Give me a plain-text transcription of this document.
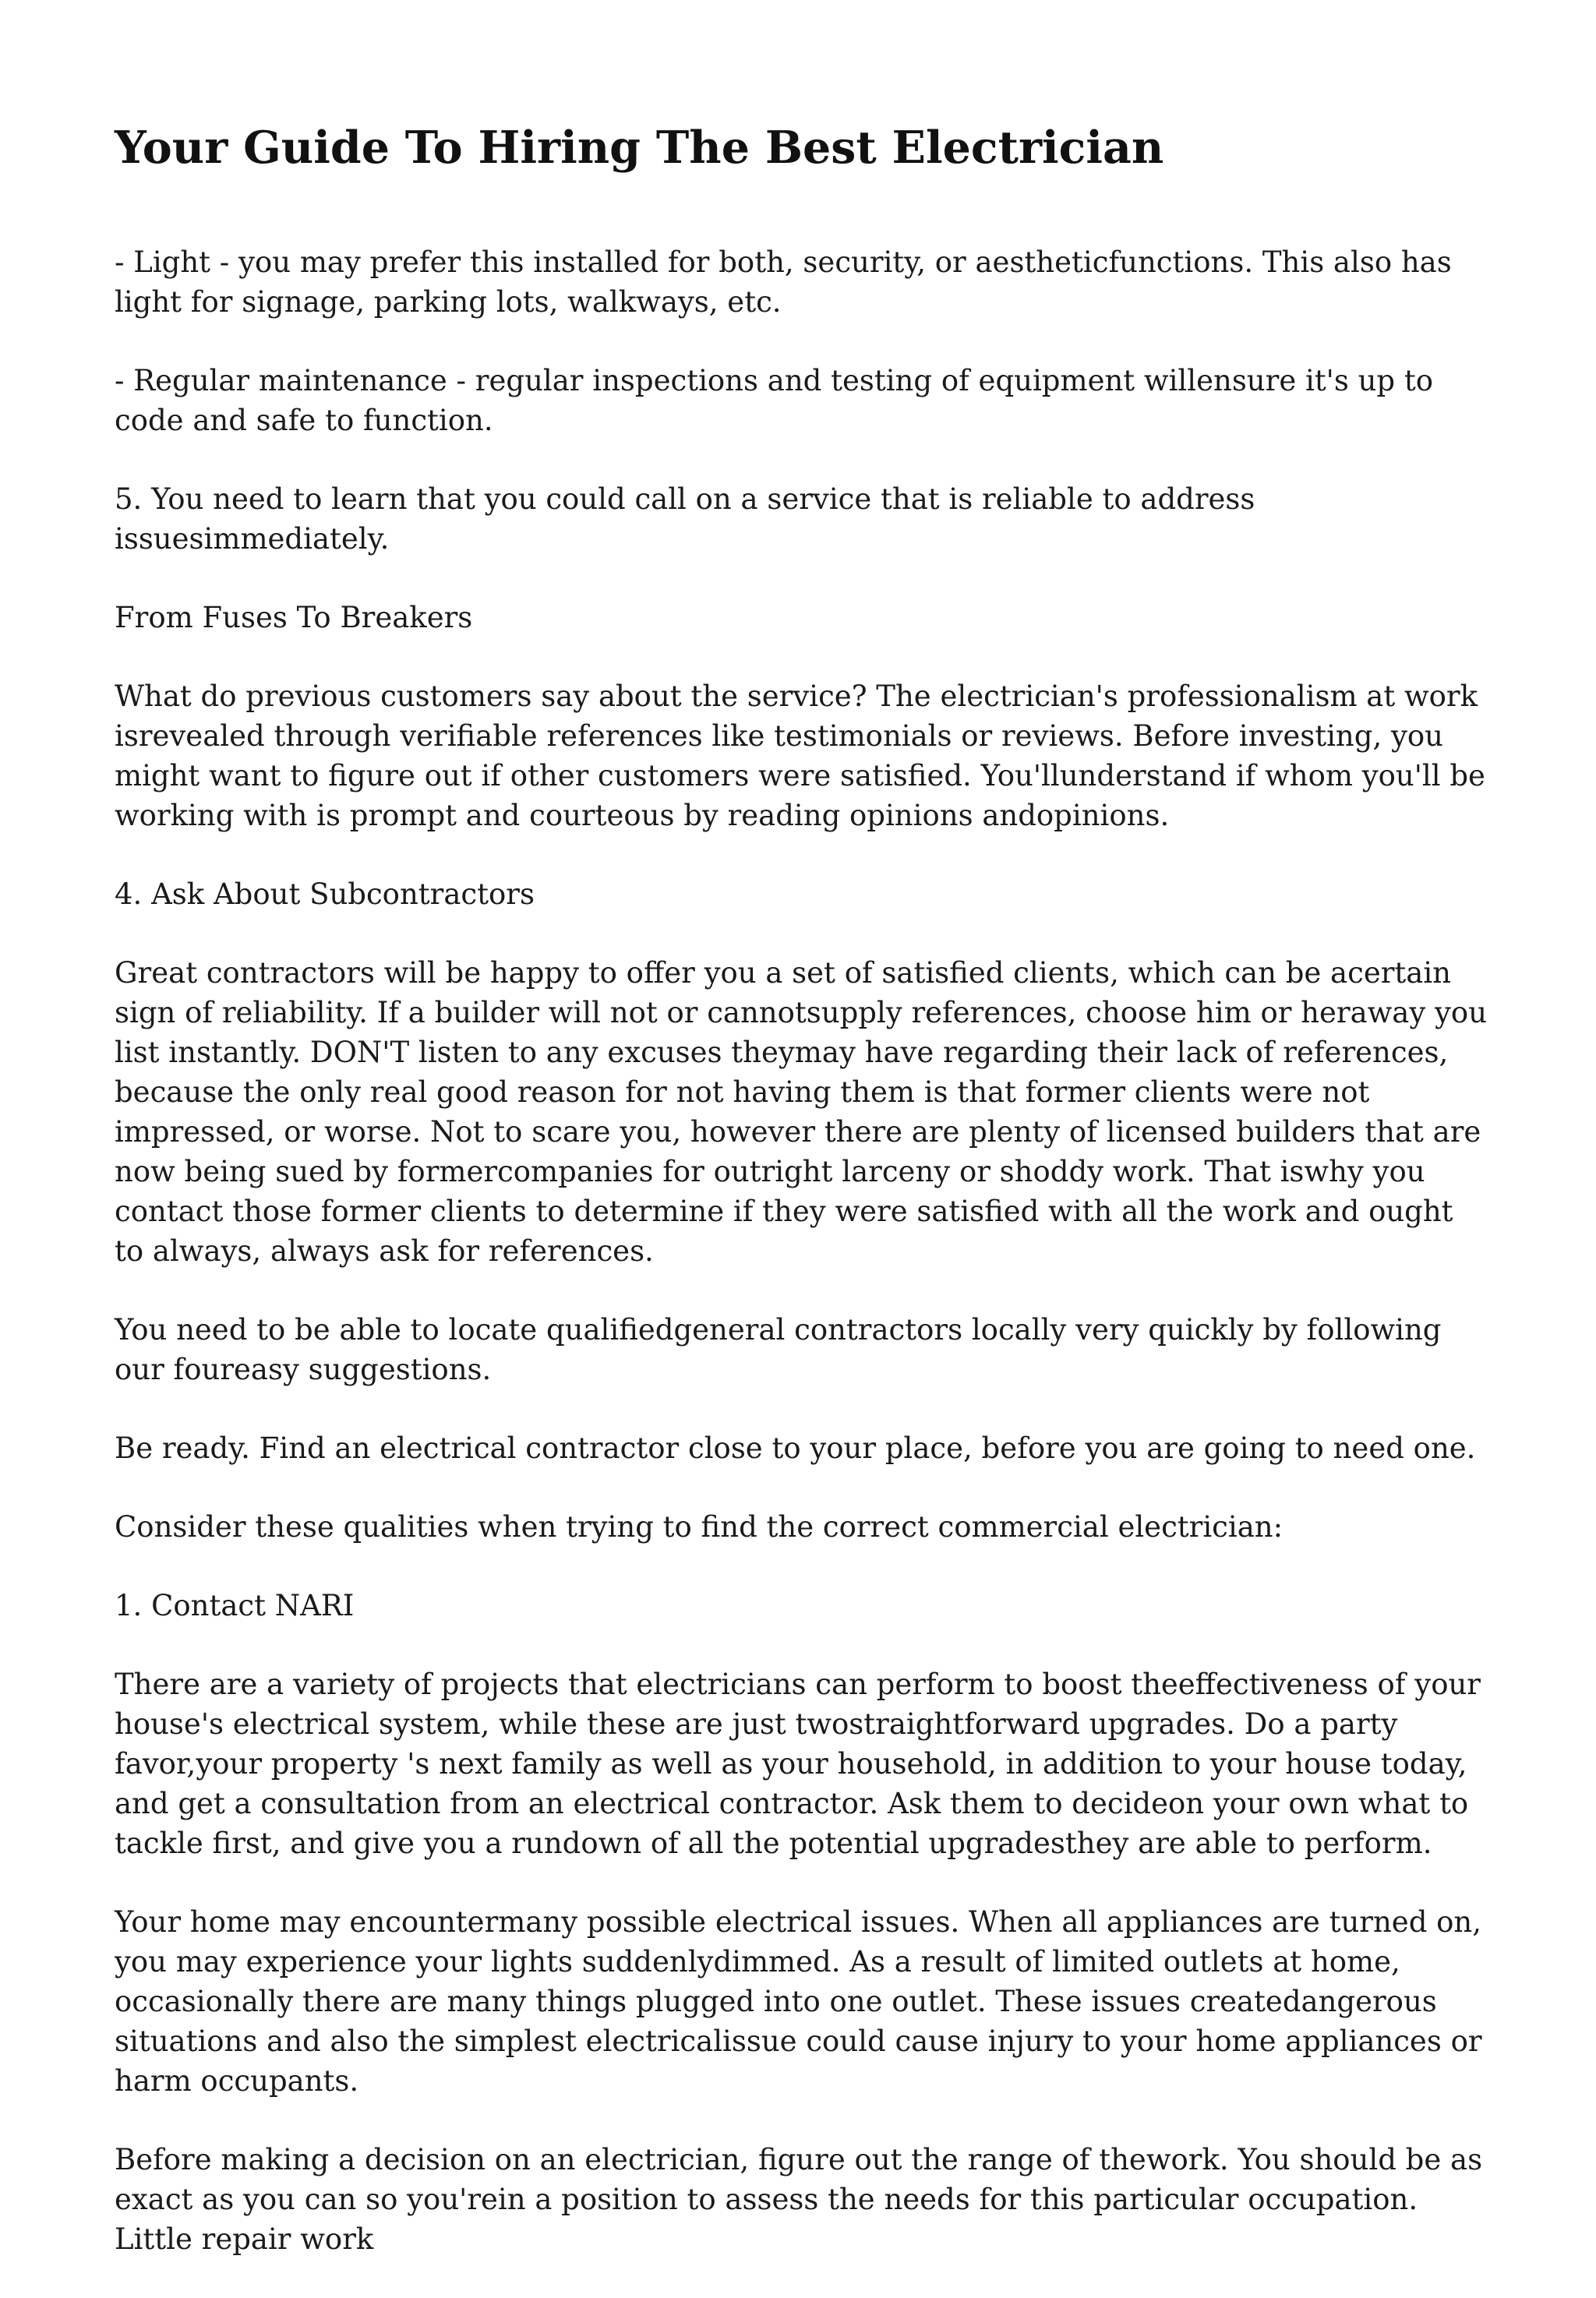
Your Guide To Hiring The Best Electrician

- Light - you may prefer this installed for both, security, or aestheticfunctions. This also has light for signage, parking lots, walkways, etc.

- Regular maintenance - regular inspections and testing of equipment willensure it's up to code and safe to function.

5. You need to learn that you could call on a service that is reliable to address issuesimmediately.

From Fuses To Breakers

What do previous customers say about the service? The electrician's professionalism at work isrevealed through verifiable references like testimonials or reviews. Before investing, you might want to figure out if other customers were satisfied. You'llunderstand if whom you'll be working with is prompt and courteous by reading opinions andopinions.

4. Ask About Subcontractors

Great contractors will be happy to offer you a set of satisfied clients, which can be acertain sign of reliability. If a builder will not or cannotsupply references, choose him or heraway you list instantly. DON'T listen to any excuses theymay have regarding their lack of references, because the only real good reason for not having them is that former clients were not impressed, or worse. Not to scare you, however there are plenty of licensed builders that are now being sued by formercompanies for outright larceny or shoddy work. That iswhy you contact those former clients to determine if they were satisfied with all the work and ought to always, always ask for references.

You need to be able to locate qualifiedgeneral contractors locally very quickly by following our foureasy suggestions.

Be ready. Find an electrical contractor close to your place, before you are going to need one.

Consider these qualities when trying to find the correct commercial electrician:

1. Contact NARI

There are a variety of projects that electricians can perform to boost theeffectiveness of your house's electrical system, while these are just twostraightforward upgrades. Do a party favor,your property 's next family as well as your household, in addition to your house today, and get a consultation from an electrical contractor. Ask them to decideon your own what to tackle first, and give you a rundown of all the potential upgradesthey are able to perform.

Your home may encountermany possible electrical issues. When all appliances are turned on, you may experience your lights suddenlydimmed. As a result of limited outlets at home, occasionally there are many things plugged into one outlet. These issues createdangerous situations and also the simplest electricalissue could cause injury to your home appliances or harm occupants.

Before making a decision on an electrician, figure out the range of thework. You should be as exact as you can so you'rein a position to assess the needs for this particular occupation. Little repair work
